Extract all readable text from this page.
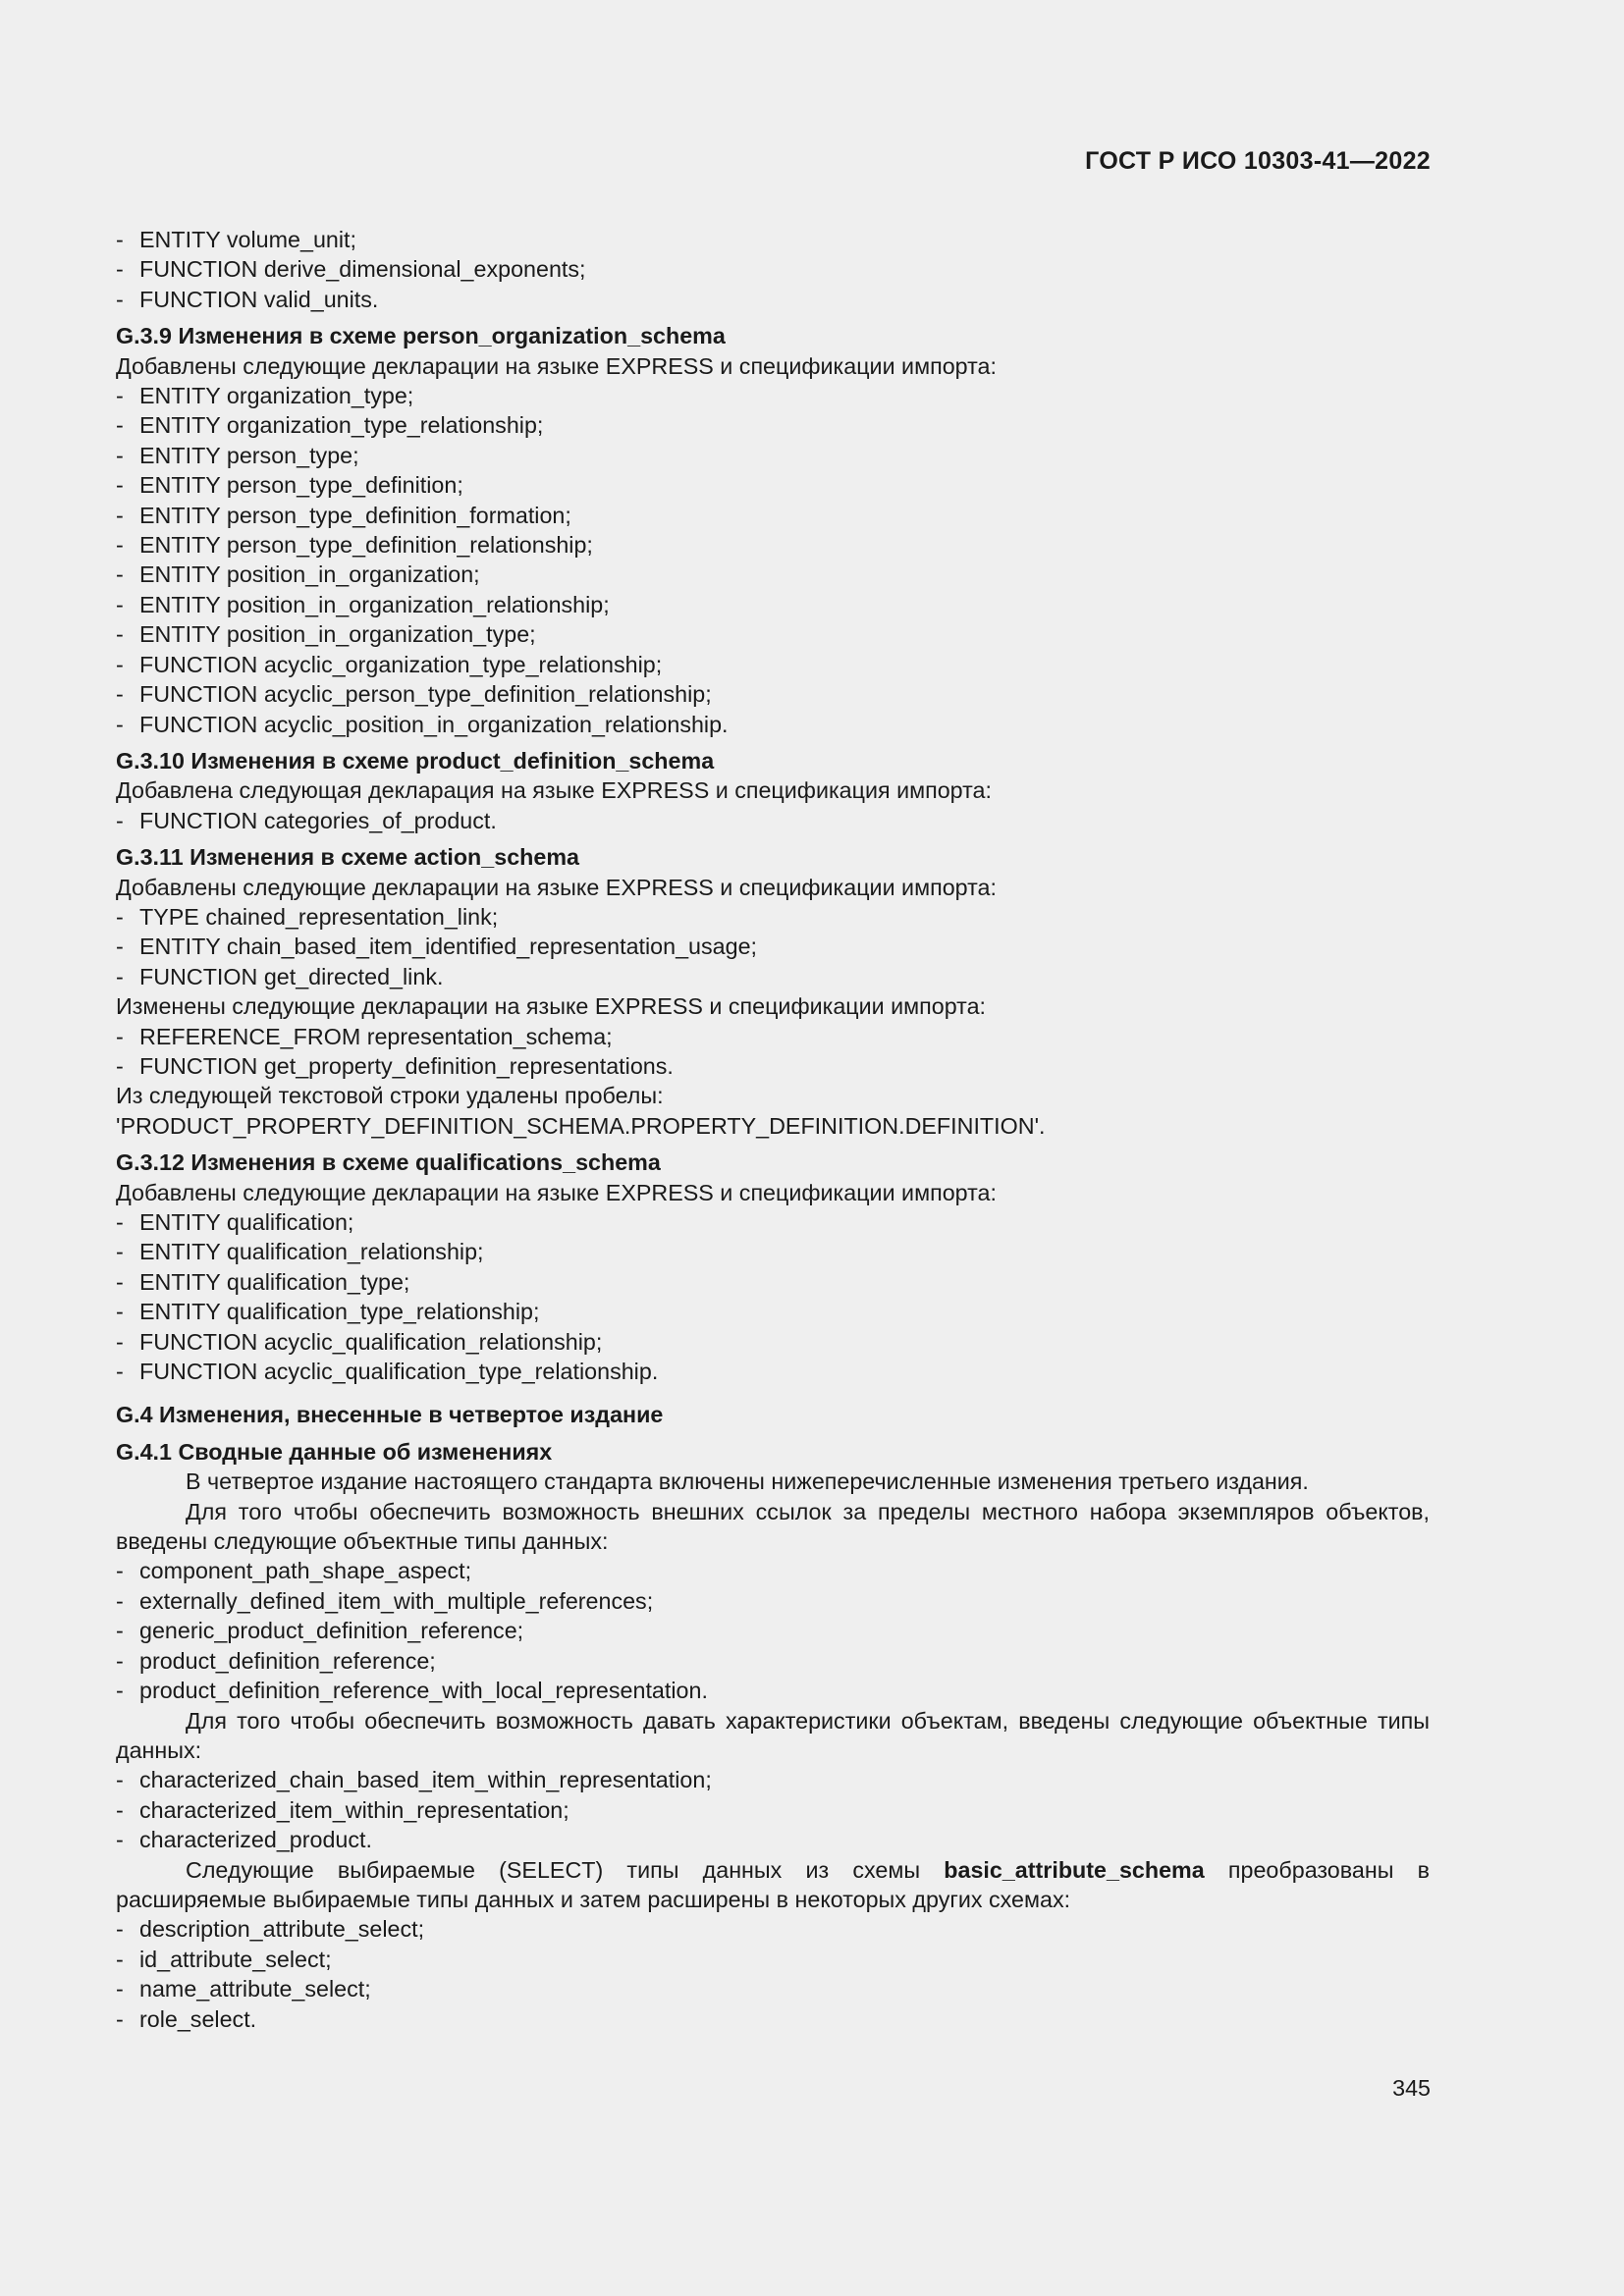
ГОСТ Р ИСО 10303-41—2022
- ENTITY volume_unit;
- FUNCTION derive_dimensional_exponents;
- FUNCTION valid_units.
G.3.9 Изменения в схеме person_organization_schema

Добавлены следующие декларации на языке EXPRESS и спецификации импорта:

- ENTITY organization_type;
- ENTITY organization_type_relationship;
- ENTITY person_type;
- ENTITY person_type_definition;
- ENTITY person_type_definition_formation;
- ENTITY person_type_definition_relationship;
- ENTITY position_in_organization;
- ENTITY position_in_organization_relationship;
- ENTITY position_in_organization_type;
- FUNCTION acyclic_organization_type_relationship;
- FUNCTION acyclic_person_type_definition_relationship;
- FUNCTION acyclic_position_in_organization_relationship.
G.3.10 Изменения в схеме product_definition_schema

Добавлена следующая декларация на языке EXPRESS и спецификация импорта:

- FUNCTION categories_of_product.
G.3.11 Изменения в схеме action_schema

Добавлены следующие декларации на языке EXPRESS и спецификации импорта:

- TYPE chained_representation_link;
- ENTITY chain_based_item_identified_representation_usage;
- FUNCTION get_directed_link.

Изменены следующие декларации на языке EXPRESS и спецификации импорта:

- REFERENCE_FROM representation_schema;
- FUNCTION get_property_definition_representations.

Из следующей текстовой строки удалены пробелы:

'PRODUCT_PROPERTY_DEFINITION_SCHEMA.PROPERTY_DEFINITION.DEFINITION'.

G.3.12 Изменения в схеме qualifications_schema

Добавлены следующие декларации на языке EXPRESS и спецификации импорта:

- ENTITY qualification;
- ENTITY qualification_relationship;
- ENTITY qualification_type;
- ENTITY qualification_type_relationship;
- FUNCTION acyclic_qualification_relationship;
- FUNCTION acyclic_qualification_type_relationship.
G.4 Изменения, внесенные в четвертое издание
G.4.1 Сводные данные об изменениях

В четвертое издание настоящего стандарта включены нижеперечисленные изменения третьего издания.

Для того чтобы обеспечить возможность внешних ссылок за пределы местного набора экземпляров объектов, введены следующие объектные типы данных:

- component_path_shape_aspect;
- externally_defined_item_with_multiple_references;
- generic_product_definition_reference;
- product_definition_reference;
- product_definition_reference_with_local_representation.

Для того чтобы обеспечить возможность давать характеристики объектам, введены следующие объектные типы данных:

- characterized_chain_based_item_within_representation;
- characterized_item_within_representation;
- characterized_product.

Следующие выбираемые (SELECT) типы данных из схемы basic_attribute_schema преобразованы в расширяемые выбираемые типы данных и затем расширены в некоторых других схемах:

- description_attribute_select;
- id_attribute_select;
- name_attribute_select;
- role_select.
345
